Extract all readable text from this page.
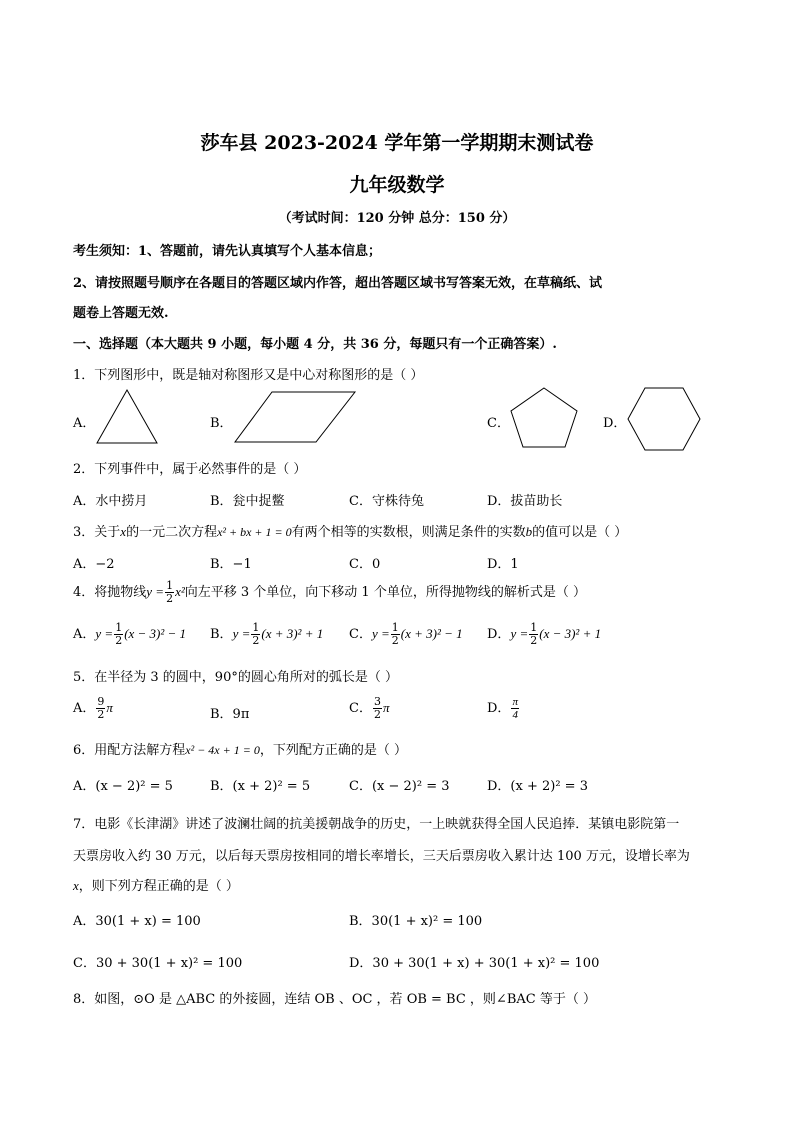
莎车县 2023-2024 学年第一学期期末测试卷
九年级数学
（考试时间：120 分钟 总分：150 分）
考生须知：1、答题前，请先认真填写个人基本信息；
2、请按照题号顺序在各题目的答题区域内作答，超出答题区域书写答案无效，在草稿纸、试
题卷上答题无效.
一、选择题（本大题共 9 小题，每小题 4 分，共 36 分，每题只有一个正确答案）.
1．下列图形中，既是轴对称图形又是中心对称图形的是（ ）
A．	B．	C．	D．
2．下列事件中，属于必然事件的是（ ）
A．水中捞月	B．瓮中捉鳖	C．守株待兔	D．拔苗助长
3．关于x的一元二次方程x² + bx + 1 = 0有两个相等的实数根，则满足条件的实数b的值可以是（ ）
A．−2	B．−1	C．0	D．1
4．将抛物线$y = \frac{1}{2} x^2$向左平移 3 个单位，向下移动 1 个单位，所得抛物线的解析式是（ ）
A．$y = \frac{1}{2} (x - 3)^2 - 1$ B．$y = \frac{1}{2} (x + 3)^2 + 1$ C．$y = \frac{1}{2} (x + 3)^2 - 1$ D．$y = \frac{1}{2} (x - 3)^2 + 1$
5．在半径为 3 的圆中，90°的圆心角所对的弧长是（ ）
A． $\frac{9}{2}$ π	B．9π	C． $\frac{3}{2}$ π	D． $\frac{\pi}{4}$
6．用配方法解方程x² − 4x + 1 = 0，下列配方正确的是（ ）
A．(x − 2)² = 5	B．(x + 2)² = 5	C．(x − 2)² = 3	D．(x + 2)² = 3
7．电影《长津湖》讲述了波澜壮阔的抗美援朝战争的历史，一上映就获得全国人民追捧．某镇电影院第一
天票房收入约 30 万元，以后每天票房按相同的增长率增长，三天后票房收入累计达 100 万元，设增长率为
x，则下列方程正确的是（ ）
A．30(1 + x) = 100	B．30(1 + x)² = 100
C．30 + 30(1 + x)² = 100	D．30 + 30(1 + x) + 30(1 + x)² = 100
8．如图，⊙O 是 △ABC 的外接圆，连结 OB 、OC ，若 OB = BC ，则∠BAC 等于（ ）
